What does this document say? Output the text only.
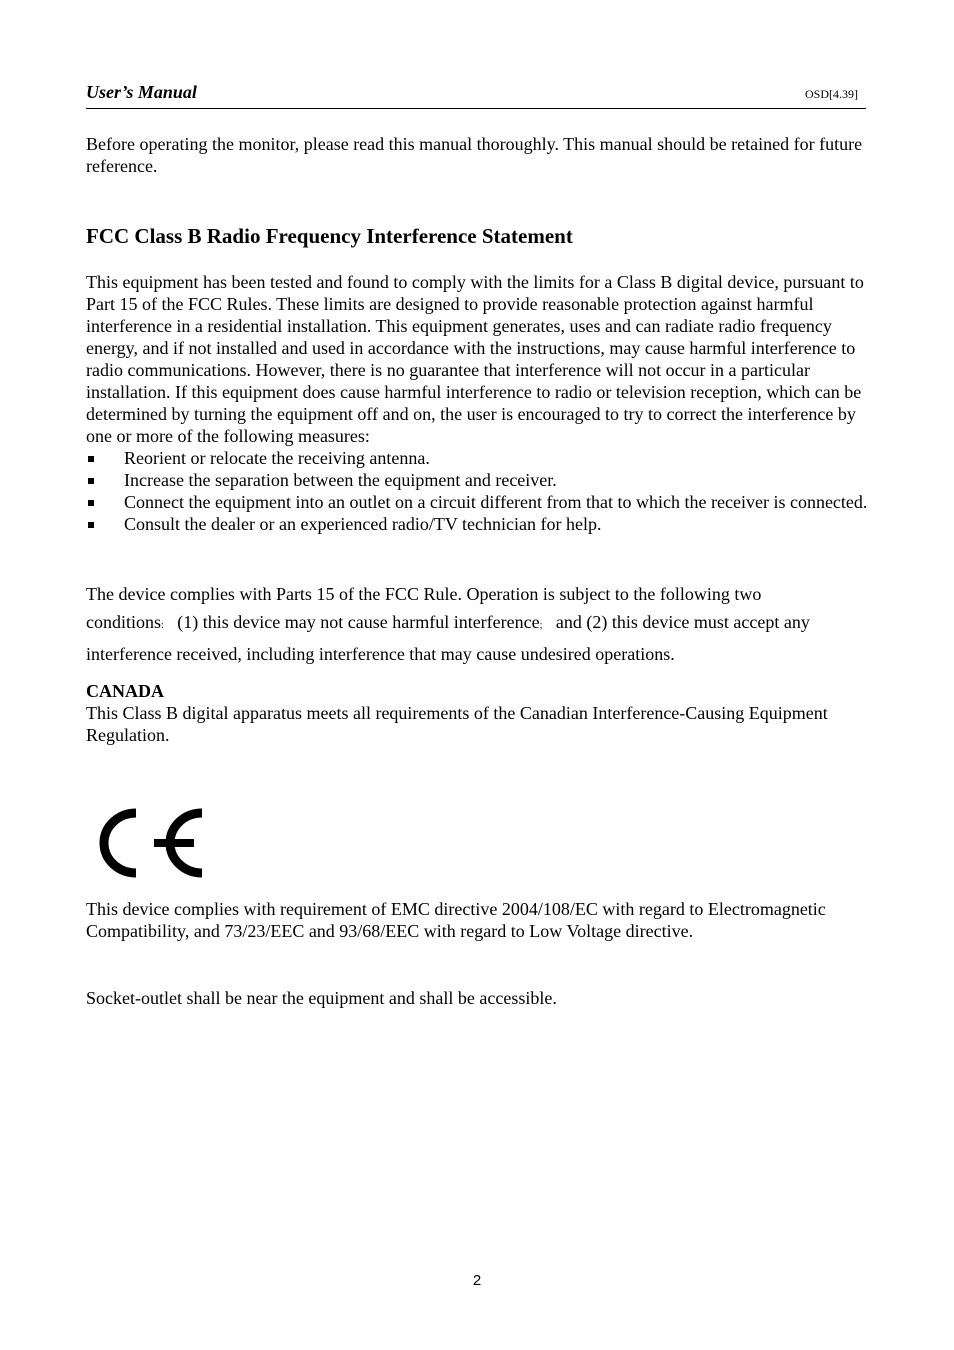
User’s Manual	OSD[4.39]
Before operating the monitor, please read this manual thoroughly. This manual should be retained for future reference.
FCC Class B Radio Frequency Interference Statement
This equipment has been tested and found to comply with the limits for a Class B digital device, pursuant to Part 15 of the FCC Rules. These limits are designed to provide reasonable protection against harmful interference in a residential installation. This equipment generates, uses and can radiate radio frequency energy, and if not installed and used in accordance with the instructions, may cause harmful interference to radio communications. However, there is no guarantee that interference will not occur in a particular installation. If this equipment does cause harmful interference to radio or television reception, which can be determined by turning the equipment off and on, the user is encouraged to try to correct the interference by one or more of the following measures:
Reorient or relocate the receiving antenna.
Increase the separation between the equipment and receiver.
Connect the equipment into an outlet on a circuit different from that to which the receiver is connected.
Consult the dealer or an experienced radio/TV technician for help.
The device complies with Parts 15 of the FCC Rule. Operation is subject to the following two conditions: (1) this device may not cause harmful interference; and (2) this device must accept any interference received, including interference that may cause undesired operations.
CANADA
This Class B digital apparatus meets all requirements of the Canadian Interference-Causing Equipment Regulation.
This device complies with requirement of EMC directive 2004/108/EC with regard to Electromagnetic Compatibility, and 73/23/EEC and 93/68/EEC with regard to Low Voltage directive.
Socket-outlet shall be near the equipment and shall be accessible.
2
